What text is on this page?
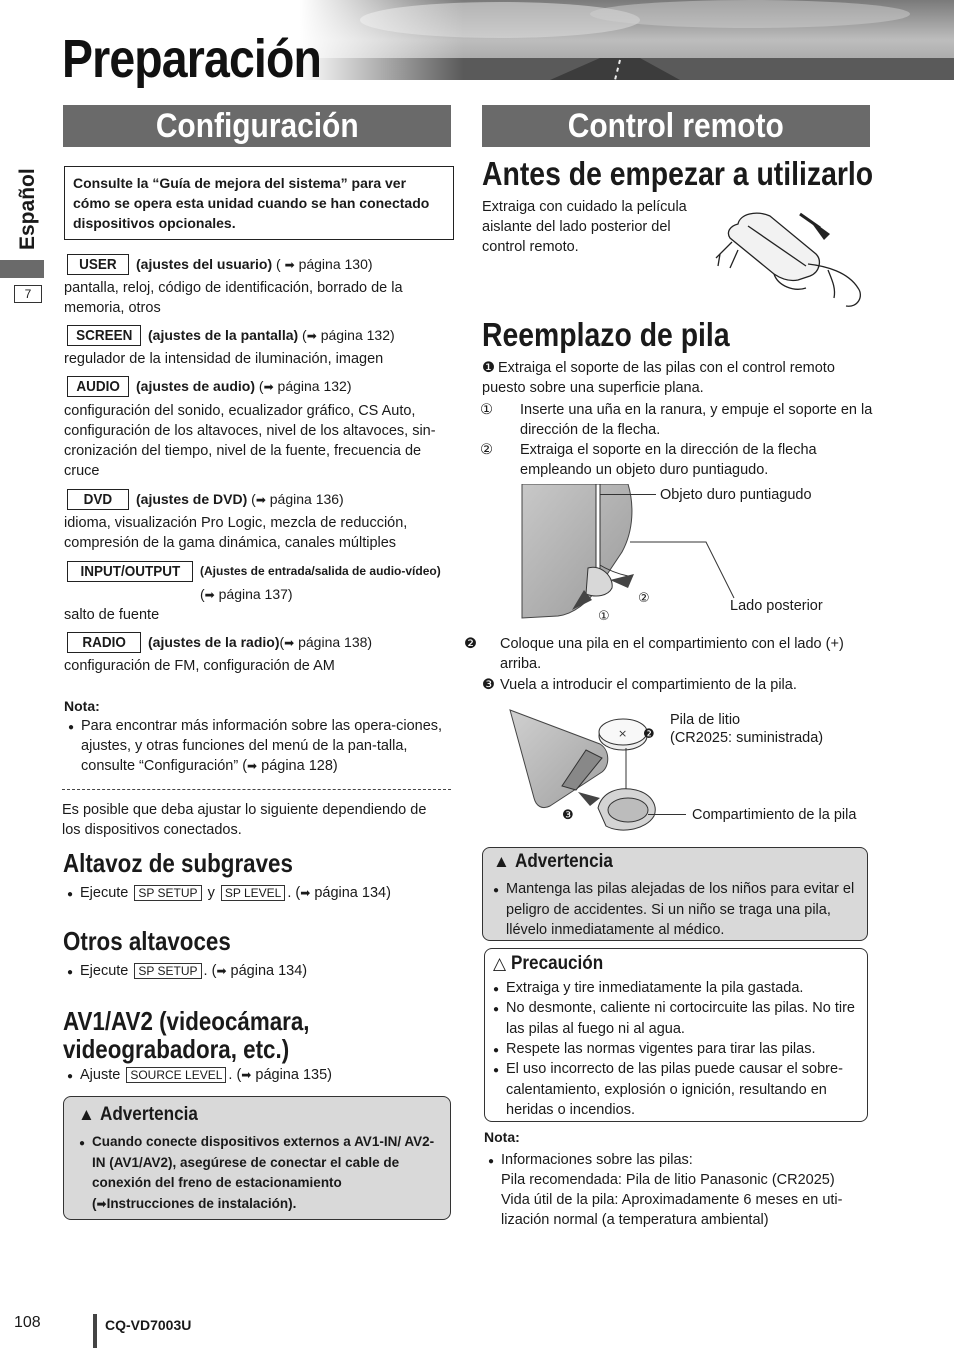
Preparación
Español
7
Configuración
Consulte la “Guía de mejora del sistema” para ver cómo se opera esta unidad cuando se han conectado dispositivos opcionales.
USER	(ajustes del usuario) ( ➡ página 130)
pantalla, reloj, código de identificación, borrado de la memoria, otros
SCREEN	(ajustes de la pantalla) (➡ página 132)
regulador de la intensidad de iluminación, imagen
AUDIO	(ajustes de audio) (➡ página 132)
configuración del sonido, ecualizador gráfico, CS Auto, configuración de los altavoces, nivel de los altavoces, sin-cronización del tiempo, nivel de la fuente, frecuencia de cruce
DVD	(ajustes de DVD) (➡ página 136)
idioma, visualización Pro Logic, mezcla de reducción, compresión de la gama dinámica, canales múltiples
INPUT/OUTPUT	(Ajustes de entrada/salida de audio-vídeo)
(➡ página 137)
salto de fuente
RADIO	(ajustes de la radio)(➡ página 138)
configuración de FM, configuración de AM
Nota:
Para encontrar más información sobre las opera-ciones, ajustes, y otras funciones del menú de la pan-talla, consulte “Configuración” (➡ página 128)
Es posible que deba ajustar lo siguiente dependiendo de los dispositivos conectados.
Altavoz de subgraves
Ejecute SP SETUP y SP LEVEL . (➡ página 134)
Otros altavoces
Ejecute SP SETUP . (➡ página 134)
AV1/AV2 (videocámara,
videograbadora, etc.)
Ajuste SOURCE LEVEL . (➡ página 135)
▲ Advertencia
Cuando conecte dispositivos externos a AV1-IN/ AV2-IN (AV1/AV2), asegúrese de conectar el cable de conexión del freno de estacionamiento (➡Instrucciones de instalación).
Control remoto
Antes de empezar a utilizarlo
Extraiga con cuidado la película aislante del lado posterior del control remoto.
Reemplazo de pila
❶ Extraiga el soporte de las pilas con el control remoto puesto sobre una superficie plana.
① Inserte una uña en la ranura, y empuje el soporte en la dirección de la flecha.
② Extraiga el soporte en la dirección de la flecha empleando un objeto duro puntiagudo.
①
②
Objeto duro puntiagudo
Lado posterior
❷ Coloque una pila en el compartimiento con el lado (+) arriba.
❸ Vuela a introducir el compartimiento de la pila.
× ❷
❸
Pila de litio
(CR2025: suministrada)
Compartimiento de la pila
▲ Advertencia
Mantenga las pilas alejadas de los niños para evitar el peligro de accidentes. Si un niño se traga una pila, llévelo inmediatamente al médico.
△ Precaución
Extraiga y tire inmediatamente la pila gastada.
No desmonte, caliente ni cortocircuite las pilas. No tire las pilas al fuego ni al agua.
Respete las normas vigentes para tirar las pilas.
El uso incorrecto de las pilas puede causar el sobre-calentamiento, explosión o ignición, resultando en heridas o incendios.
Nota:
Informaciones sobre las pilas:
Pila recomendada: Pila de litio Panasonic (CR2025)
Vida útil de la pila: Aproximadamente 6 meses en uti-lización normal (a temperatura ambiental)
108	CQ-VD7003U
